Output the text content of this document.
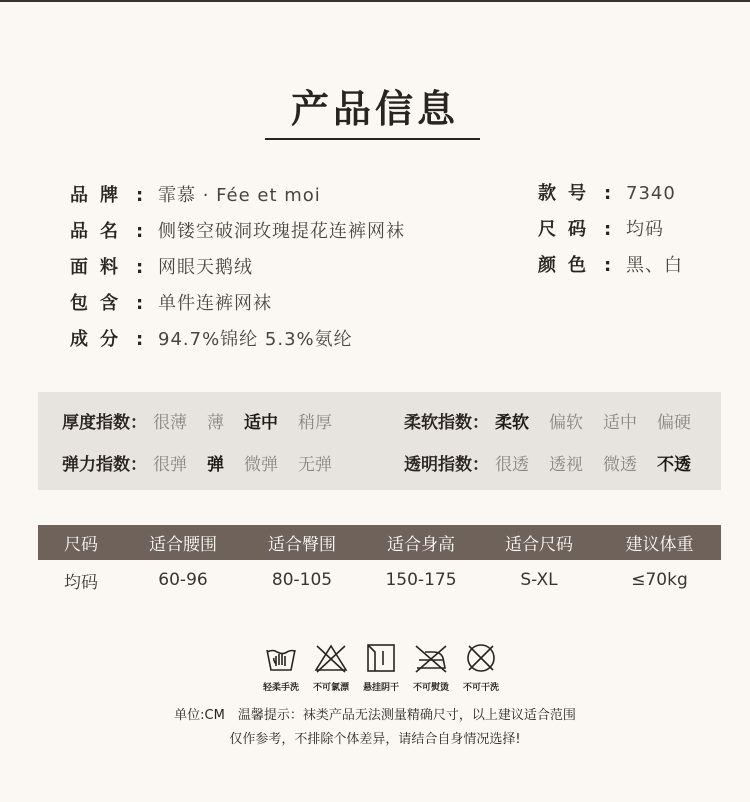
产品信息
品牌 : 霏慕 · Fée et moi
品名 : 侧镂空破洞玫瑰提花连裤网袜
面料 : 网眼天鹅绒
包含 : 单件连裤网袜
成分 : 94.7%锦纶 5.3%氨纶
款号 : 7340
尺码 : 均码
颜色 : 黑、白
厚度指数： 很薄 薄 适中 稍厚	柔软指数： 柔软 偏软 适中 偏硬
弹力指数： 很弹 弹 微弹 无弹	透明指数： 很透 透视 微透 不透
尺码	适合腰围	适合臀围	适合身高	适合尺码	建议体重
均码	60-96	80-105	150-175	S-XL	≤70kg
轻柔手洗 不可氯漂 悬挂阴干 不可熨烫 不可干洗
单位:CM　温馨提示：袜类产品无法测量精确尺寸，以上建议适合范围
仅作参考，不排除个体差异，请结合自身情况选择!
